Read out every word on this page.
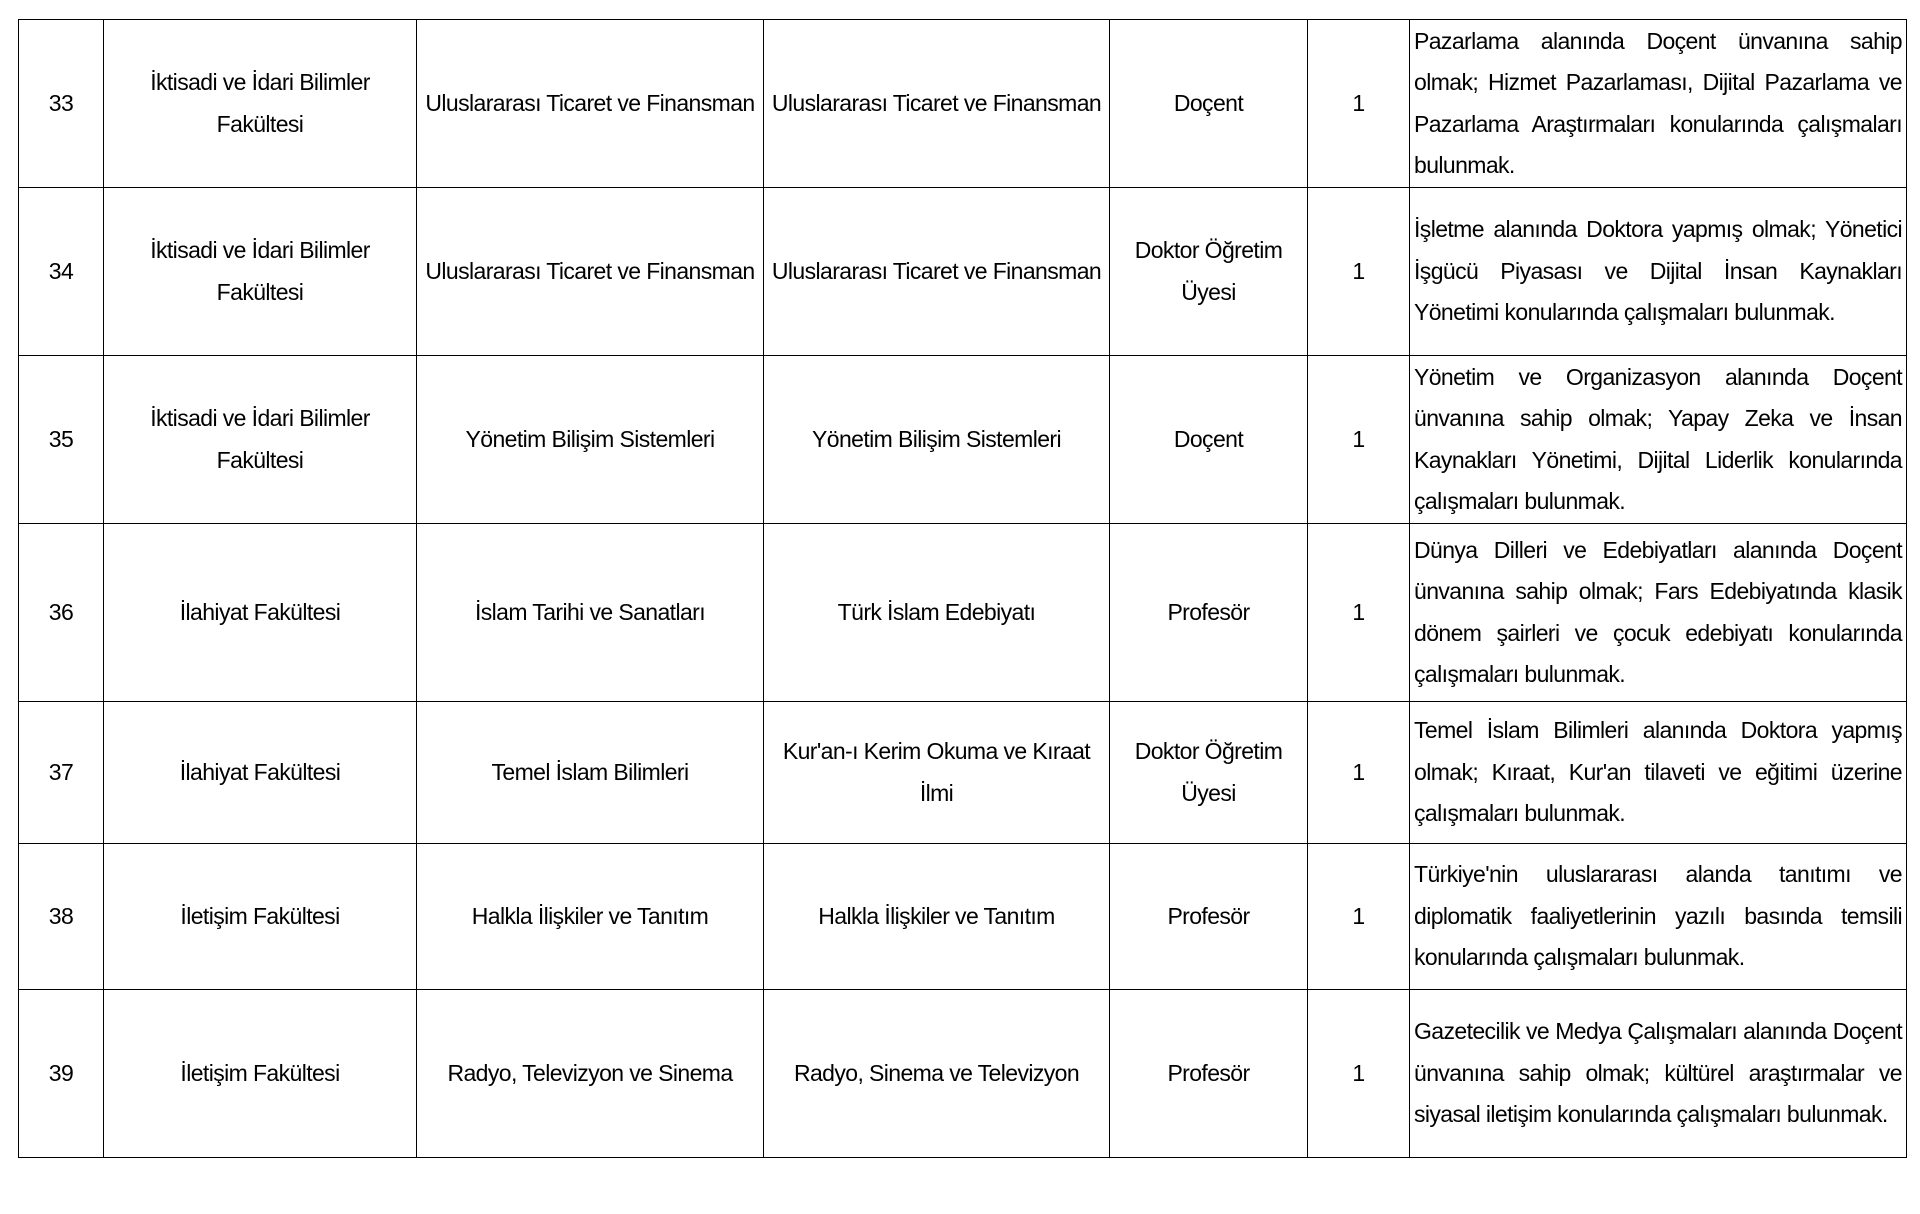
33	İktisadi ve İdari Bilimler Fakültesi	Uluslararası Ticaret ve Finansman	Uluslararası Ticaret ve Finansman	Doçent	1	Pazarlama alanında Doçent ünvanına sahip olmak; Hizmet Pazarlaması, Dijital Pazarlama ve Pazarlama Araştırmaları konularında çalışmaları bulunmak.
34	İktisadi ve İdari Bilimler Fakültesi	Uluslararası Ticaret ve Finansman	Uluslararası Ticaret ve Finansman	Doktor Öğretim Üyesi	1	İşletme alanında Doktora yapmış olmak; Yönetici İşgücü Piyasası ve Dijital İnsan Kaynakları Yönetimi konularında çalışmaları bulunmak.
35	İktisadi ve İdari Bilimler Fakültesi	Yönetim Bilişim Sistemleri	Yönetim Bilişim Sistemleri	Doçent	1	Yönetim ve Organizasyon alanında Doçent ünvanına sahip olmak; Yapay Zeka ve İnsan Kaynakları Yönetimi, Dijital Liderlik konularında çalışmaları bulunmak.
36	İlahiyat Fakültesi	İslam Tarihi ve Sanatları	Türk İslam Edebiyatı	Profesör	1	Dünya Dilleri ve Edebiyatları alanında Doçent ünvanına sahip olmak; Fars Edebiyatında klasik dönem şairleri ve çocuk edebiyatı konularında çalışmaları bulunmak.
37	İlahiyat Fakültesi	Temel İslam Bilimleri	Kur'an-ı Kerim Okuma ve Kıraat İlmi	Doktor Öğretim Üyesi	1	Temel İslam Bilimleri alanında Doktora yapmış olmak; Kıraat, Kur'an tilaveti ve eğitimi üzerine çalışmaları bulunmak.
38	İletişim Fakültesi	Halkla İlişkiler ve Tanıtım	Halkla İlişkiler ve Tanıtım	Profesör	1	Türkiye'nin uluslararası alanda tanıtımı ve diplomatik faaliyetlerinin yazılı basında temsili konularında çalışmaları bulunmak.
39	İletişim Fakültesi	Radyo, Televizyon ve Sinema	Radyo, Sinema ve Televizyon	Profesör	1	Gazetecilik ve Medya Çalışmaları alanında Doçent ünvanına sahip olmak; kültürel araştırmalar ve siyasal iletişim konularında çalışmaları bulunmak.
